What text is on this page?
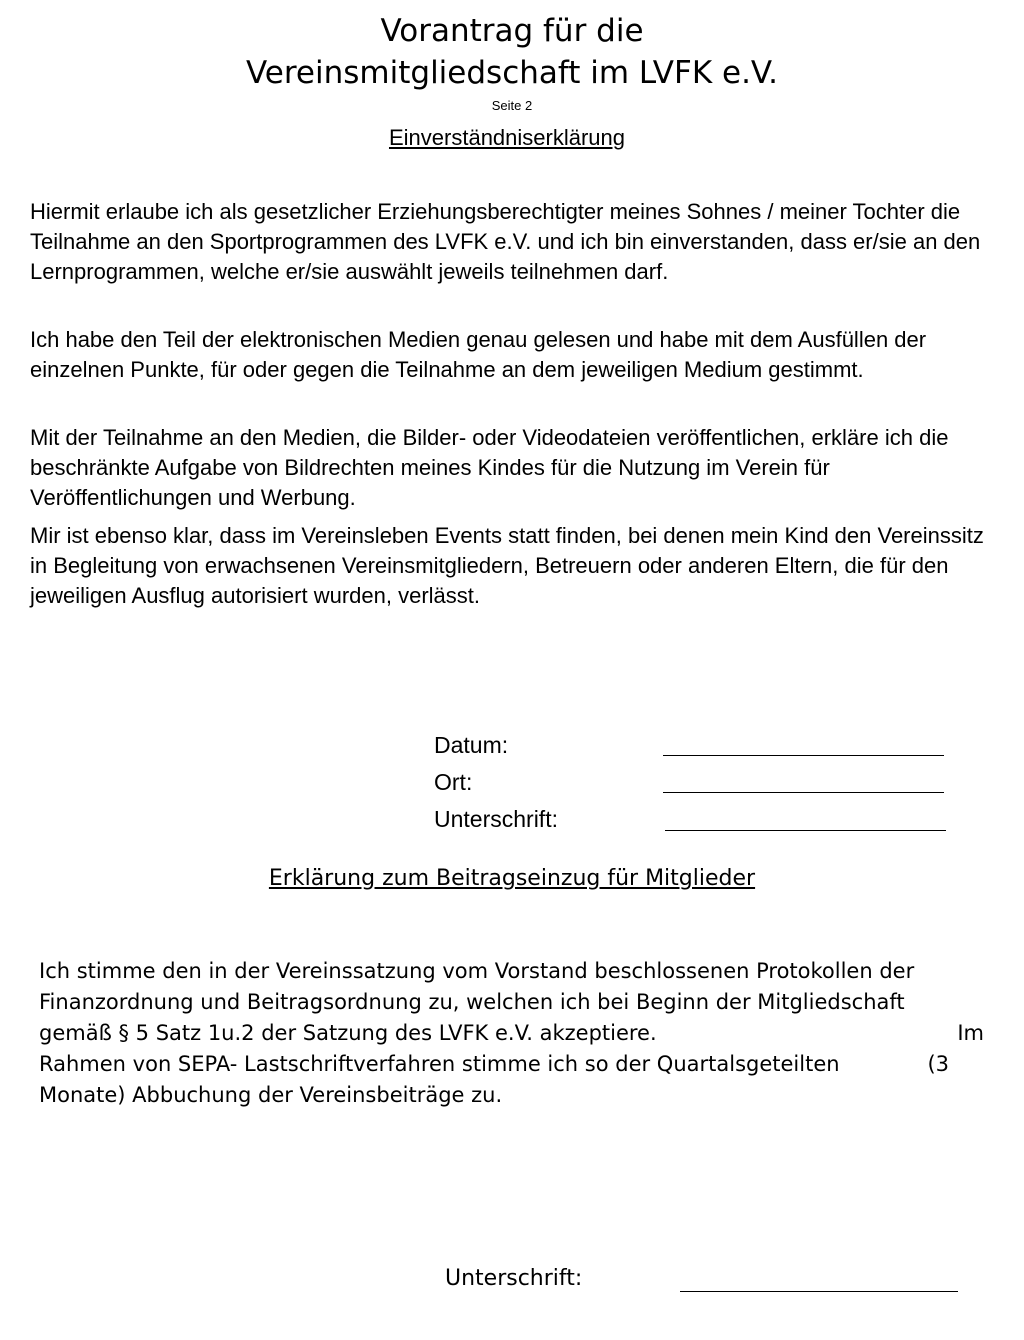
Vorantrag für die
Vereinsmitgliedschaft im LVFK e.V.
Seite 2
Einverständniserklärung

Hiermit erlaube ich als gesetzlicher Erziehungsberechtigter meines Sohnes / meiner Tochter die Teilnahme an den Sportprogrammen des LVFK e.V. und ich bin einverstanden, dass er/sie an den Lernprogrammen, welche er/sie auswählt jeweils teilnehmen darf.

Ich habe den Teil der elektronischen Medien genau gelesen und habe mit dem Ausfüllen der einzelnen Punkte, für oder gegen die Teilnahme an dem jeweiligen Medium gestimmt.

Mit der Teilnahme an den Medien, die Bilder- oder Videodateien veröffentlichen, erkläre ich die beschränkte Aufgabe von Bildrechten meines Kindes für die Nutzung im Verein für Veröffentlichungen und Werbung.

Mir ist ebenso klar, dass im Vereinsleben Events statt finden, bei denen mein Kind den Vereinssitz in Begleitung von erwachsenen Vereinsmitgliedern, Betreuern oder anderen Eltern, die für den jeweiligen Ausflug autorisiert wurden, verlässt.

Datum:
Ort:
Unterschrift:
Erklärung zum Beitragseinzug für Mitglieder
Ich stimme den in der Vereinssatzung vom Vorstand beschlossenen Protokollen der
Finanzordnung und Beitragsordnung zu, welchen ich bei Beginn der Mitgliedschaft
gemäß § 5 Satz 1u.2 der Satzung des LVFK e.V. akzeptiere.	Im
Rahmen von SEPA- Lastschriftverfahren stimme ich so der Quartalsgeteilten	(3
Monate) Abbuchung der Vereinsbeiträge zu.
Unterschrift:
